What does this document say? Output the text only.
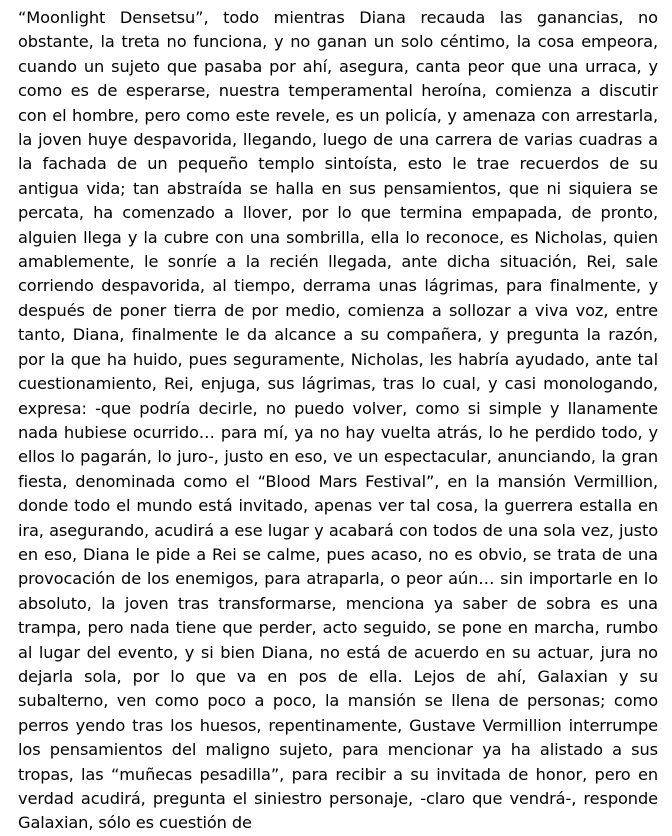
“Moonlight Densetsu”, todo mientras Diana recauda las ganancias, no obstante, la treta no funciona, y no ganan un solo céntimo, la cosa empeora, cuando un sujeto que pasaba por ahí, asegura, canta peor que una urraca, y como es de esperarse, nuestra temperamental heroína, comienza a discutir con el hombre, pero como este revele, es un policía, y amenaza con arrestarla, la joven huye despavorida, llegando, luego de una carrera de varias cuadras a la fachada de un pequeño templo sintoísta, esto le trae recuerdos de su antigua vida; tan abstraída se halla en sus pensamientos, que ni siquiera se percata, ha comenzado a llover, por lo que termina empapada, de pronto, alguien llega y la cubre con una sombrilla, ella lo reconoce, es Nicholas, quien amablemente, le sonríe a la recién llegada, ante dicha situación, Rei, sale corriendo despavorida, al tiempo, derrama unas lágrimas, para finalmente, y después de poner tierra de por medio, comienza a sollozar a viva voz, entre tanto, Diana, finalmente le da alcance a su compañera, y pregunta la razón, por la que ha huido, pues seguramente, Nicholas, les habría ayudado, ante tal cuestionamiento, Rei, enjuga, sus lágrimas, tras lo cual, y casi monologando, expresa: -que podría decirle, no puedo volver, como si simple y llanamente nada hubiese ocurrido… para mí, ya no hay vuelta atrás, lo he perdido todo, y ellos lo pagarán, lo juro-, justo en eso, ve un espectacular, anunciando, la gran fiesta, denominada como el “Blood Mars Festival”, en la mansión Vermillion, donde todo el mundo está invitado, apenas ver tal cosa, la guerrera estalla en ira, asegurando, acudirá a ese lugar y acabará con todos de una sola vez, justo en eso, Diana le pide a Rei se calme, pues acaso, no es obvio, se trata de una provocación de los enemigos, para atraparla, o peor aún… sin importarle en lo absoluto, la joven tras transformarse, menciona ya saber de sobra es una trampa, pero nada tiene que perder, acto seguido, se pone en marcha, rumbo al lugar del evento, y si bien Diana, no está de acuerdo en su actuar, jura no dejarla sola, por lo que va en pos de ella. Lejos de ahí, Galaxian y su subalterno, ven como poco a poco, la mansión se llena de personas; como perros yendo tras los huesos, repentinamente, Gustave Vermillion interrumpe los pensamientos del maligno sujeto, para mencionar ya ha alistado a sus tropas, las “muñecas pesadilla”, para recibir a su invitada de honor, pero en verdad acudirá, pregunta el siniestro personaje, -claro que vendrá-, responde Galaxian, sólo es cuestión de
